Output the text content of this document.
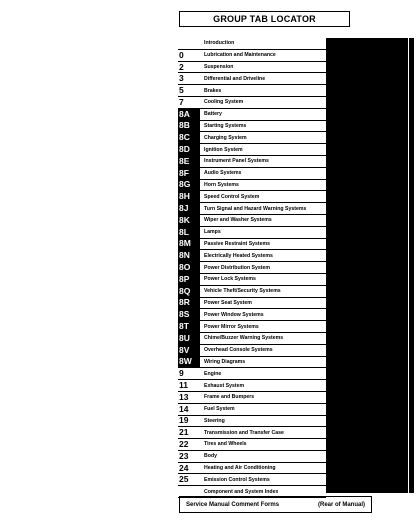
GROUP TAB LOCATOR
Introduction
0	Lubrication and Maintenance
2	Suspension
3	Differential and Driveline
5	Brakes
7	Cooling System
8A	Battery
8B	Starting Systems
8C	Charging System
8D	Ignition System
8E	Instrument Panel Systems
8F	Audio Systems
8G	Horn Systems
8H	Speed Control System
8J	Turn Signal and Hazard Warning Systems
8K	Wiper and Washer Systems
8L	Lamps
8M	Passive Restraint Systems
8N	Electrically Heated Systems
8O	Power Distribution System
8P	Power Lock Systems
8Q	Vehicle Theft/Security Systems
8R	Power Seat System
8S	Power Window Systems
8T	Power Mirror Systems
8U	Chime/Buzzer Warning Systems
8V	Overhead Console Systems
8W	Wiring Diagrams
9	Engine
11	Exhaust System
13	Frame and Bumpers
14	Fuel System
19	Steering
21	Transmission and Transfer Case
22	Tires and Wheels
23	Body
24	Heating and Air Conditioning
25	Emission Control Systems
Component and System Index
Service Manual Comment Forms	(Rear of Manual)
